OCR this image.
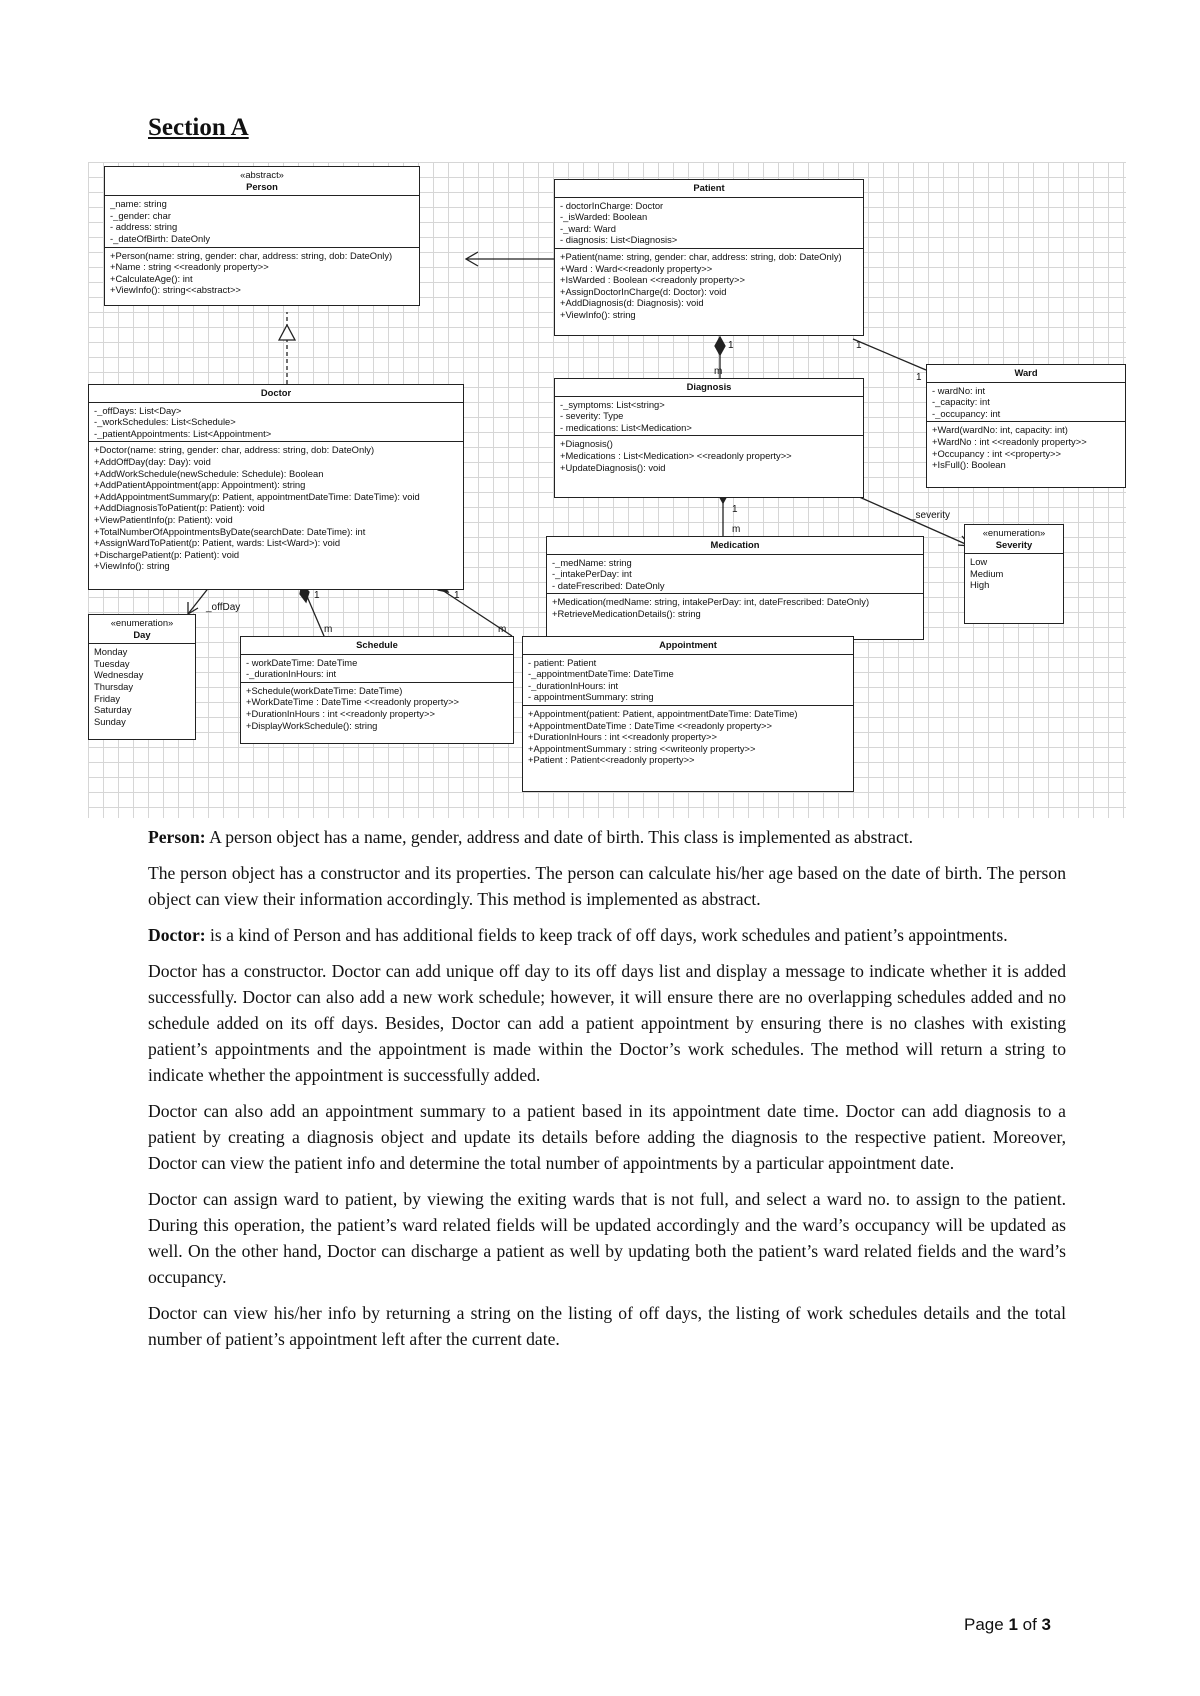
Section A
«abstract»
Person
_name: string
-_gender: char
- address: string
-_dateOfBirth: DateOnly
+Person(name: string, gender: char, address: string, dob: DateOnly)
+Name : string <<readonly property>>
+CalculateAge(): int
+ViewInfo(): string<<abstract>>
Patient
- doctorInCharge: Doctor
-_isWarded: Boolean
-_ward: Ward
- diagnosis: List<Diagnosis>
+Patient(name: string, gender: char, address: string, dob: DateOnly)
+Ward : Ward<<readonly property>>
+IsWarded : Boolean <<readonly property>>
+AssignDoctorInCharge(d: Doctor): void
+AddDiagnosis(d: Diagnosis): void
+ViewInfo(): string
Ward
- wardNo: int
-_capacity: int
-_occupancy: int
+Ward(wardNo: int, capacity: int)
+WardNo : int <<readonly property>>
+Occupancy : int <<property>>
+IsFull(): Boolean
Doctor
-_offDays: List<Day>
-_workSchedules: List<Schedule>
-_patientAppointments: List<Appointment>
+Doctor(name: string, gender: char, address: string, dob: DateOnly)
+AddOffDay(day: Day): void
+AddWorkSchedule(newSchedule: Schedule): Boolean
+AddPatientAppointment(app: Appointment): string
+AddAppointmentSummary(p: Patient, appointmentDateTime: DateTime): void
+AddDiagnosisToPatient(p: Patient): void
+ViewPatientInfo(p: Patient): void
+TotalNumberOfAppointmentsByDate(searchDate: DateTime): int
+AssignWardToPatient(p: Patient, wards: List<Ward>): void
+DischargePatient(p: Patient): void
+ViewInfo(): string
Diagnosis
-_symptoms: List<string>
- severity: Type
- medications: List<Medication>
+Diagnosis()
+Medications : List<Medication> <<readonly property>>
+UpdateDiagnosis(): void
«enumeration»
Severity
Low
Medium
High
Medication
-_medName: string
-_intakePerDay: int
- dateFrescribed: DateOnly
+Medication(medName: string, intakePerDay: int, dateFrescribed: DateOnly)
+RetrieveMedicationDetails(): string
«enumeration»
Day
Monday
Tuesday
Wednesday
Thursday
Friday
Saturday
Sunday
Schedule
- workDateTime: DateTime
-_durationInHours: int
+Schedule(workDateTime: DateTime)
+WorkDateTime : DateTime <<readonly property>>
+DurationInHours : int <<readonly property>>
+DisplayWorkSchedule(): string
Appointment
- patient: Patient
-_appointmentDateTime: DateTime
-_durationInHours: int
- appointmentSummary: string
+Appointment(patient: Patient, appointmentDateTime: DateTime)
+AppointmentDateTime : DateTime <<readonly property>>
+DurationInHours : int <<readonly property>>
+AppointmentSummary : string <<writeonly property>>
+Patient : Patient<<readonly property>>
1
m
1
1
1
m
_severity
_offDay
1
m
1
m

Person: A person object has a name, gender, address and date of birth. This class is implemented as abstract.

The person object has a constructor and its properties. The person can calculate his/her age based on the date of birth. The person object can view their information accordingly. This method is implemented as abstract.

Doctor: is a kind of Person and has additional fields to keep track of off days, work schedules and patient’s appointments.

Doctor has a constructor. Doctor can add unique off day to its off days list and display a message to indicate whether it is added successfully. Doctor can also add a new work schedule; however, it will ensure there are no overlapping schedules added and no schedule added on its off days. Besides, Doctor can add a patient appointment by ensuring there is no clashes with existing patient’s appointments and the appointment is made within the Doctor’s work schedules. The method will return a string to indicate whether the appointment is successfully added.

Doctor can also add an appointment summary to a patient based in its appointment date time. Doctor can add diagnosis to a patient by creating a diagnosis object and update its details before adding the diagnosis to the respective patient. Moreover, Doctor can view the patient info and determine the total number of appointments by a particular appointment date.

Doctor can assign ward to patient, by viewing the exiting wards that is not full, and select a ward no. to assign to the patient. During this operation, the patient’s ward related fields will be updated accordingly and the ward’s occupancy will be updated as well. On the other hand, Doctor can discharge a patient as well by updating both the patient’s ward related fields and the ward’s occupancy.

Doctor can view his/her info by returning a string on the listing of off days, the listing of work schedules details and the total number of patient’s appointment left after the current date.

Page 1 of 3
